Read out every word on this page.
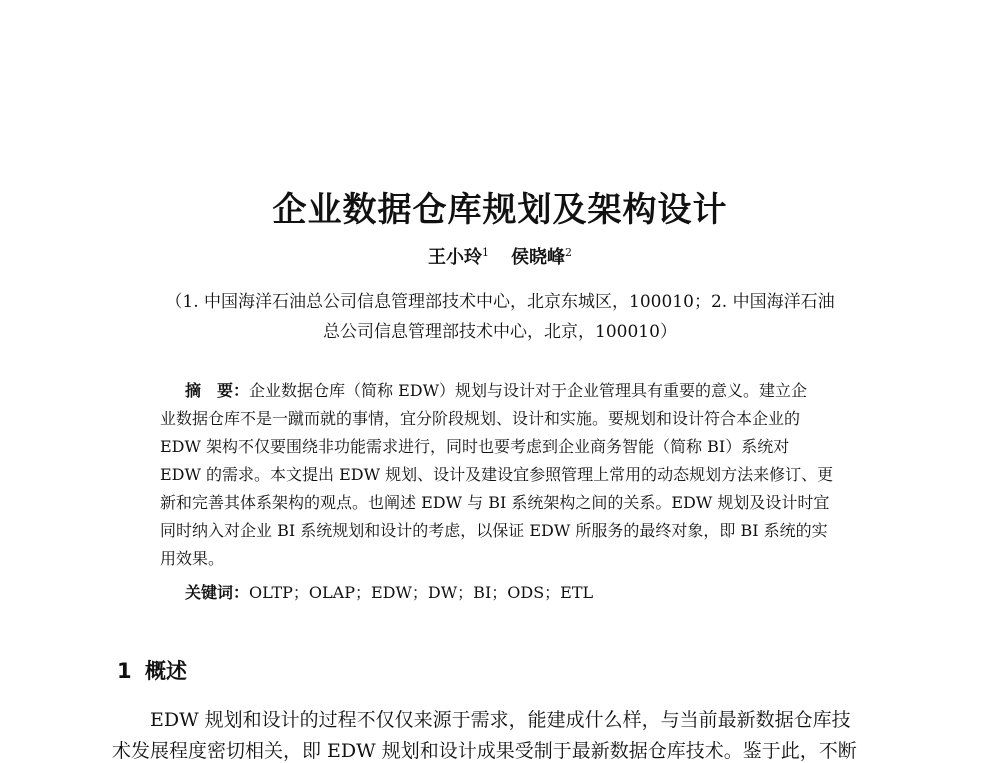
企业数据仓库规划及架构设计
王小玲$^1$ 侯晓峰$^2$
（1. 中国海洋石油总公司信息管理部技术中心，北京东城区，100010；2. 中国海洋石油
总公司信息管理部技术中心，北京，100010）
摘　要：企业数据仓库（简称 EDW）规划与设计对于企业管理具有重要的意义。建立企
业数据仓库不是一蹴而就的事情，宜分阶段规划、设计和实施。要规划和设计符合本企业的
EDW 架构不仅要围绕非功能需求进行，同时也要考虑到企业商务智能（简称 BI）系统对
EDW 的需求。本文提出 EDW 规划、设计及建设宜参照管理上常用的动态规划方法来修订、更
新和完善其体系架构的观点。也阐述 EDW 与 BI 系统架构之间的关系。EDW 规划及设计时宜
同时纳入对企业 BI 系统规划和设计的考虑，以保证 EDW 所服务的最终对象，即 BI 系统的实
用效果。
关键词：OLTP；OLAP；EDW；DW；BI；ODS；ETL
1 概述
EDW 规划和设计的过程不仅仅来源于需求，能建成什么样，与当前最新数据仓库技
术发展程度密切相关，即 EDW 规划和设计成果受制于最新数据仓库技术。鉴于此，不断
